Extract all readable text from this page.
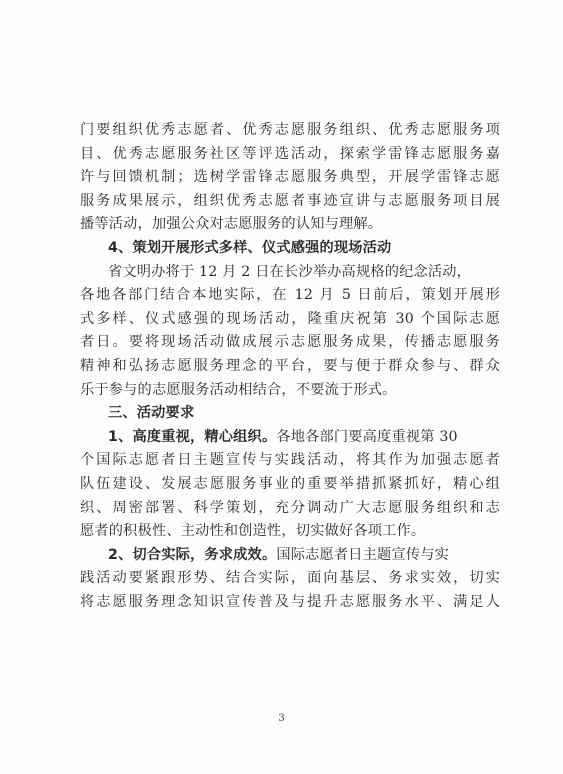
门要组织优秀志愿者、优秀志愿服务组织、优秀志愿服务项
目、优秀志愿服务社区等评选活动，探索学雷锋志愿服务嘉
许与回馈机制；选树学雷锋志愿服务典型，开展学雷锋志愿
服务成果展示，组织优秀志愿者事迹宣讲与志愿服务项目展
播等活动，加强公众对志愿服务的认知与理解。
4、策划开展形式多样、仪式感强的现场活动
省文明办将于 12 月 2 日在长沙举办高规格的纪念活动，
各地各部门结合本地实际，在 12 月 5 日前后，策划开展形
式多样、仪式感强的现场活动，隆重庆祝第 30 个国际志愿
者日。要将现场活动做成展示志愿服务成果，传播志愿服务
精神和弘扬志愿服务理念的平台，要与便于群众参与、群众
乐于参与的志愿服务活动相结合，不要流于形式。
三、活动要求
1、高度重视，精心组织。各地各部门要高度重视第 30
个国际志愿者日主题宣传与实践活动，将其作为加强志愿者
队伍建设、发展志愿服务事业的重要举措抓紧抓好，精心组
织、周密部署、科学策划，充分调动广大志愿服务组织和志
愿者的积极性、主动性和创造性，切实做好各项工作。
2、切合实际，务求成效。国际志愿者日主题宣传与实
践活动要紧跟形势、结合实际，面向基层、务求实效，切实
将志愿服务理念知识宣传普及与提升志愿服务水平、满足人
3
